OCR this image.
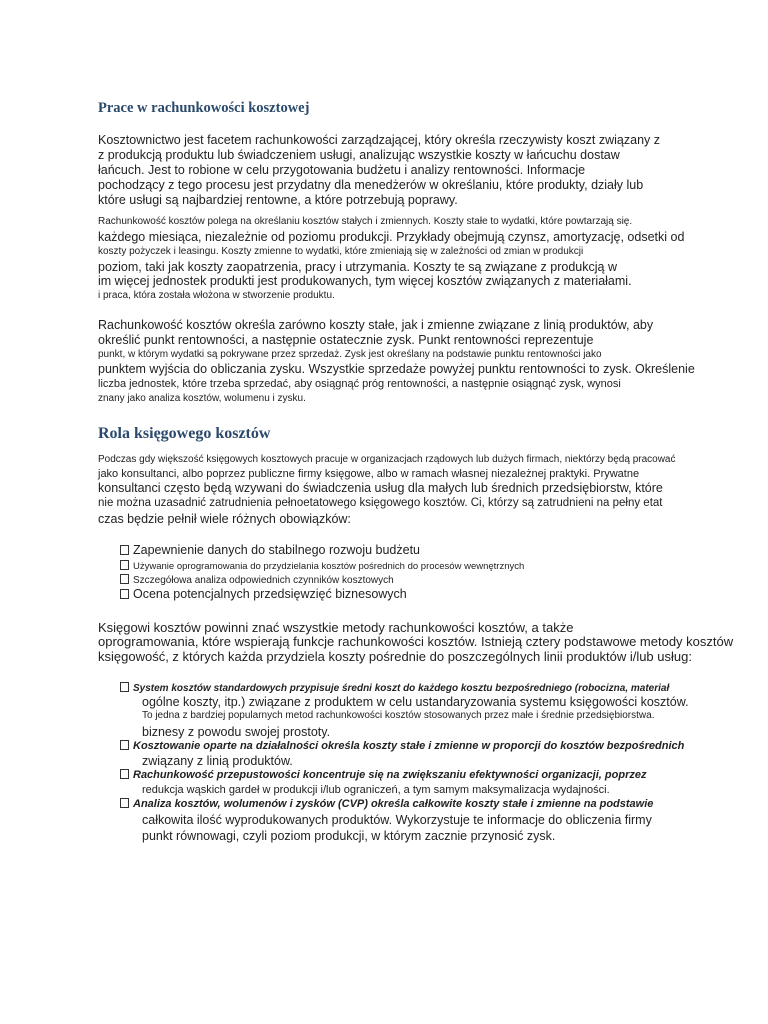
Prace w rachunkowości kosztowej
Kosztownictwo jest facetem rachunkowości zarządzającej, który określa rzeczywisty koszt związany z
z produkcją produktu lub świadczeniem usługi, analizując wszystkie koszty w łańcuchu dostaw
łańcuch. Jest to robione w celu przygotowania budżetu i analizy rentowności. Informacje
pochodzący z tego procesu jest przydatny dla menedżerów w określaniu, które produkty, działy lub
które usługi są najbardziej rentowne, a które potrzebują poprawy.
Rachunkowość kosztów polega na określaniu kosztów stałych i zmiennych. Koszty stałe to wydatki, które powtarzają się.
każdego miesiąca, niezależnie od poziomu produkcji. Przykłady obejmują czynsz, amortyzację, odsetki od
koszty pożyczek i leasingu. Koszty zmienne to wydatki, które zmieniają się w zależności od zmian w produkcji
poziom, taki jak koszty zaopatrzenia, pracy i utrzymania. Koszty te są związane z produkcją w
im więcej jednostek produkti jest produkowanych, tym więcej kosztów związanych z materiałami.
i praca, która została włożona w stworzenie produktu.
Rachunkowość kosztów określa zarówno koszty stałe, jak i zmienne związane z linią produktów, aby
określić punkt rentowności, a następnie ostatecznie zysk. Punkt rentowności reprezentuje
punkt, w którym wydatki są pokrywane przez sprzedaż. Zysk jest określany na podstawie punktu rentowności jako
punktem wyjścia do obliczania zysku. Wszystkie sprzedaże powyżej punktu rentowności to zysk. Określenie
liczba jednostek, które trzeba sprzedać, aby osiągnąć próg rentowności, a następnie osiągnąć zysk, wynosi
znany jako analiza kosztów, wolumenu i zysku.
Rola księgowego kosztów
Podczas gdy większość księgowych kosztowych pracuje w organizacjach rządowych lub dużych firmach, niektórzy będą pracować
jako konsultanci, albo poprzez publiczne firmy księgowe, albo w ramach własnej niezależnej praktyki. Prywatne
konsultanci często będą wzywani do świadczenia usług dla małych lub średnich przedsiębiorstw, które
nie można uzasadnić zatrudnienia pełnoetatowego księgowego kosztów. Ci, którzy są zatrudnieni na pełny etat
czas będzie pełnił wiele różnych obowiązków:
Zapewnienie danych do stabilnego rozwoju budżetu
Używanie oprogramowania do przydzielania kosztów pośrednich do procesów wewnętrznych
Szczegółowa analiza odpowiednich czynników kosztowych
Ocena potencjalnych przedsięwzięć biznesowych
Księgowi kosztów powinni znać wszystkie metody rachunkowości kosztów, a także
oprogramowania, które wspierają funkcje rachunkowości kosztów. Istnieją cztery podstawowe metody kosztów
księgowość, z których każda przydziela koszty pośrednie do poszczególnych linii produktów i/lub usług:
System kosztów standardowych przypisuje średni koszt do każdego kosztu bezpośredniego (robocizna, materiał
ogólne koszty, itp.) związane z produktem w celu ustandaryzowania systemu księgowości kosztów.
To jedna z bardziej popularnych metod rachunkowości kosztów stosowanych przez małe i średnie przedsiębiorstwa.
biznesy z powodu swojej prostoty.
Kosztowanie oparte na działalności określa koszty stałe i zmienne w proporcji do kosztów bezpośrednich
związany z linią produktów.
Rachunkowość przepustowości koncentruje się na zwiększaniu efektywności organizacji, poprzez
redukcja wąskich gardeł w produkcji i/lub ograniczeń, a tym samym maksymalizacja wydajności.
Analiza kosztów, wolumenów i zysków (CVP) określa całkowite koszty stałe i zmienne na podstawie
całkowita ilość wyprodukowanych produktów. Wykorzystuje te informacje do obliczenia firmy
punkt równowagi, czyli poziom produkcji, w którym zacznie przynosić zysk.
